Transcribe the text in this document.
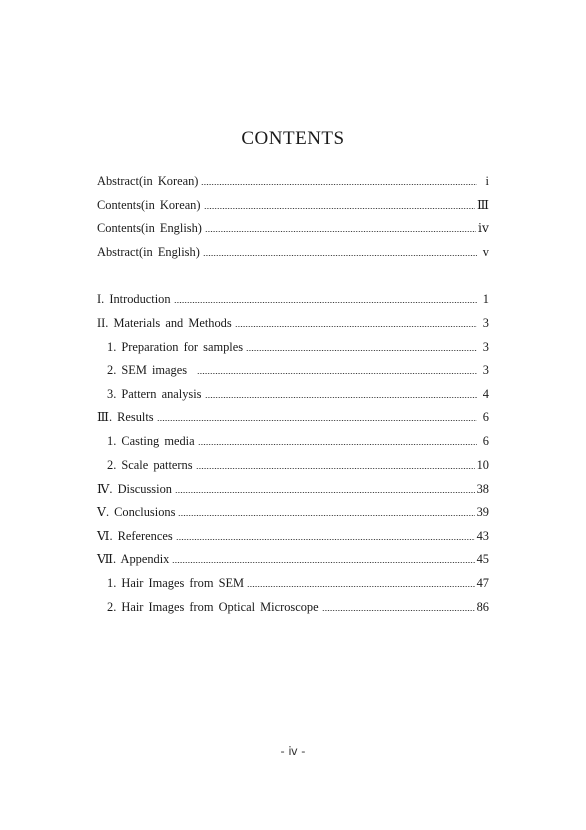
CONTENTS
Abstract(in Korean)	i
Contents(in Korean)	Ⅲ
Contents(in English)	ⅳ
Abstract(in English)	v
I. Introduction	1
II. Materials and Methods	3
1. Preparation for samples	3
2. SEM images	3
3. Pattern analysis	4
Ⅲ. Results	6
1. Casting media	6
2. Scale patterns	10
Ⅳ. Discussion	38
Ⅴ. Conclusions	39
Ⅵ. References	43
Ⅶ. Appendix	45
1. Hair Images from SEM	47
2. Hair Images from Optical Microscope	86
- ⅳ -
